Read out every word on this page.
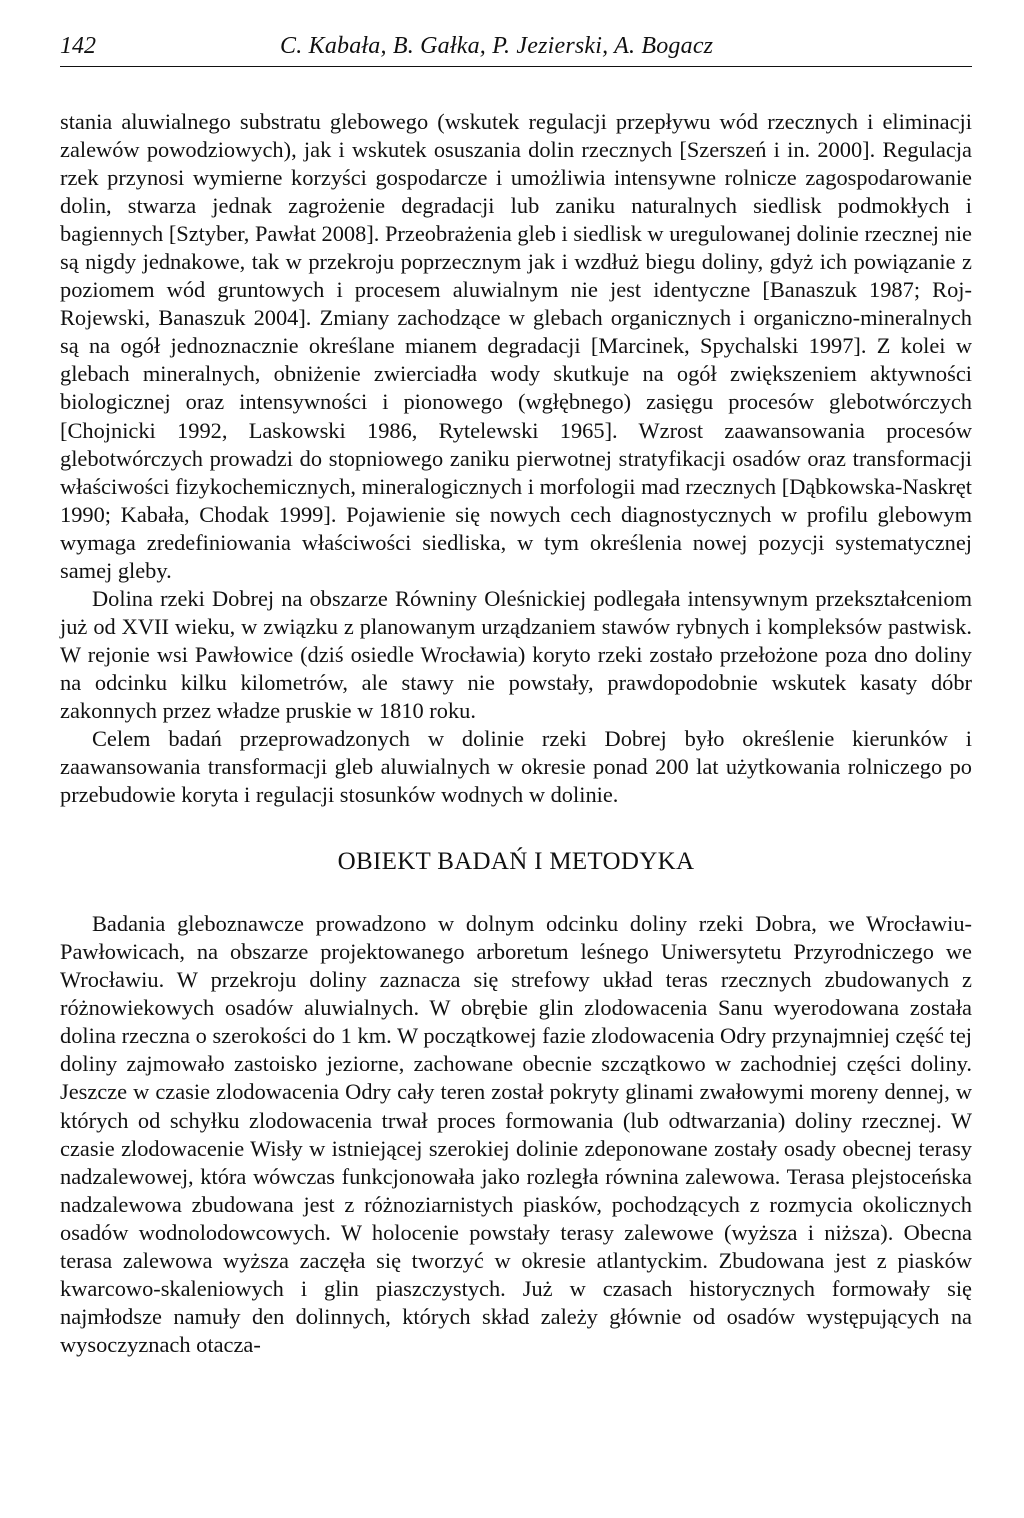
142	C. Kabała, B. Gałka, P. Jezierski, A. Bogacz

stania aluwialnego substratu glebowego (wskutek regulacji przepływu wód rzecznych i eliminacji zalewów powodziowych), jak i wskutek osuszania dolin rzecznych [Szerszeń i in. 2000]. Regulacja rzek przynosi wymierne korzyści gospodarcze i umożliwia intensywne rolnicze zagospodarowanie dolin, stwarza jednak zagrożenie degradacji lub zaniku naturalnych siedlisk podmokłych i bagiennych [Sztyber, Pawłat 2008]. Przeobrażenia gleb i siedlisk w uregulowanej dolinie rzecznej nie są nigdy jednakowe, tak w przekroju poprzecznym jak i wzdłuż biegu doliny, gdyż ich powiązanie z poziomem wód gruntowych i procesem aluwialnym nie jest identyczne [Banaszuk 1987; Roj-Rojewski, Banaszuk 2004]. Zmiany zachodzące w glebach organicznych i organiczno-mineralnych są na ogół jednoznacznie określane mianem degradacji [Marcinek, Spychalski 1997]. Z kolei w glebach mineralnych, obniżenie zwierciadła wody skutkuje na ogół zwiększeniem aktywności biologicznej oraz intensywności i pionowego (wgłębnego) zasięgu procesów glebotwórczych [Chojnicki 1992, Laskowski 1986, Rytelewski 1965]. Wzrost zaawansowania procesów glebotwórczych prowadzi do stopniowego zaniku pierwotnej stratyfikacji osadów oraz transformacji właściwości fizykochemicznych, mineralogicznych i morfologii mad rzecznych [Dąbkowska-Naskręt 1990; Kabała, Chodak 1999]. Pojawienie się nowych cech diagnostycznych w profilu glebowym wymaga zredefiniowania właściwości siedliska, w tym określenia nowej pozycji systematycznej samej gleby.

Dolina rzeki Dobrej na obszarze Równiny Oleśnickiej podlegała intensywnym przekształceniom już od XVII wieku, w związku z planowanym urządzaniem stawów rybnych i kompleksów pastwisk. W rejonie wsi Pawłowice (dziś osiedle Wrocławia) koryto rzeki zostało przełożone poza dno doliny na odcinku kilku kilometrów, ale stawy nie powstały, prawdopodobnie wskutek kasaty dóbr zakonnych przez władze pruskie w 1810 roku.

Celem badań przeprowadzonych w dolinie rzeki Dobrej było określenie kierunków i zaawansowania transformacji gleb aluwialnych w okresie ponad 200 lat użytkowania rolniczego po przebudowie koryta i regulacji stosunków wodnych w dolinie.

OBIEKT BADAŃ I METODYKA

Badania gleboznawcze prowadzono w dolnym odcinku doliny rzeki Dobra, we Wrocławiu-Pawłowicach, na obszarze projektowanego arboretum leśnego Uniwersytetu Przyrodniczego we Wrocławiu. W przekroju doliny zaznacza się strefowy układ teras rzecznych zbudowanych z różnowiekowych osadów aluwialnych. W obrębie glin zlodowacenia Sanu wyerodowana została dolina rzeczna o szerokości do 1 km. W początkowej fazie zlodowacenia Odry przynajmniej część tej doliny zajmowało zastoisko jeziorne, zachowane obecnie szczątkowo w zachodniej części doliny. Jeszcze w czasie zlodowacenia Odry cały teren został pokryty glinami zwałowymi moreny dennej, w których od schyłku zlodowacenia trwał proces formowania (lub odtwarzania) doliny rzecznej. W czasie zlodowacenie Wisły w istniejącej szerokiej dolinie zdeponowane zostały osady obecnej terasy nadzalewowej, która wówczas funkcjonowała jako rozległa równina zalewowa. Terasa plejstoceńska nadzalewowa zbudowana jest z różnoziarnistych piasków, pochodzących z rozmycia okolicznych osadów wodnolodowcowych. W holocenie powstały terasy zalewowe (wyższa i niższa). Obecna terasa zalewowa wyższa zaczęła się tworzyć w okresie atlantyckim. Zbudowana jest z piasków kwarcowo-skaleniowych i glin piaszczystych. Już w czasach historycznych formowały się najmłodsze namuły den dolinnych, których skład zależy głównie od osadów występujących na wysoczyznach otacza-
